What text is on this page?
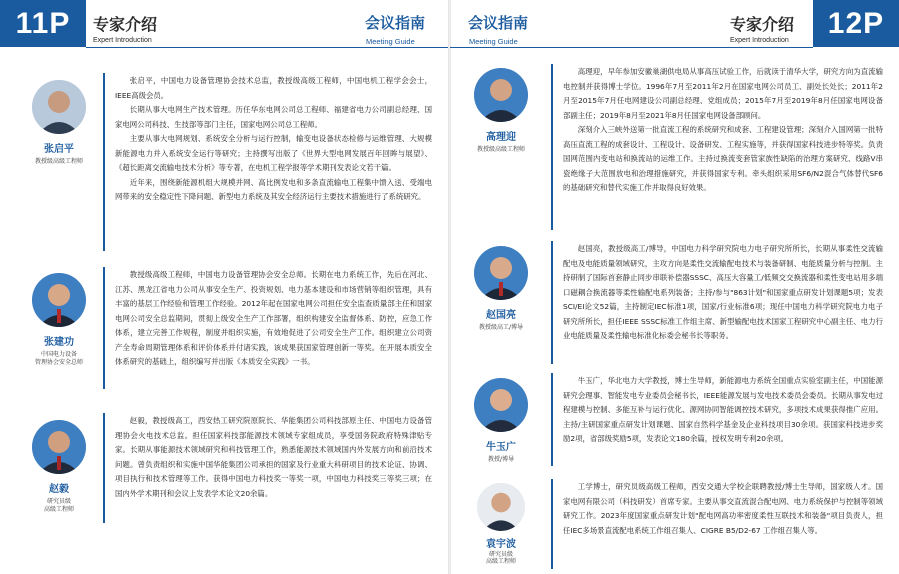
11P	专家介绍
Expert Introduction
会议指南
Meeting Guide
张启平
教授级高级工程师

张启平，中国电力设备管理协会技术总监，教授级高级工程师，中国电机工程学会会士，IEEE高级会员。

长期从事大电网生产技术管理。历任华东电网公司总工程师、福建省电力公司副总经理、国家电网公司科技、生技部等部门主任，国家电网公司总工程师。

主要从事大电网规划、系统安全分析与运行控制，输变电设备状态检修与运维管理、大规模新能源电力并入系统安全运行等研究；主持撰写出版了《世界大型电网发展百年回眸与展望》、《超长距离交流输电技术分析》等专著，在电机工程学报等学术期刊发表论文若干篇。

近年来，围绕新能源机组大规模并网、高比例发电和多条直流输电工程集中馈入送、受端电网带来的安全稳定性下降问题、新型电力系统及其安全经济运行主要技术措施进行了系统研究。

张建功
中国电力设备
管理协会安全总师

教授级高级工程师，中国电力设备管理协会安全总师。长期在电力系统工作，先后在河北、江苏、黑龙江省电力公司从事安全生产、投资规划、电力基本建设和市场营销等组织管理，具有丰富的基层工作经验和管理工作经验。2012年起在国家电网公司担任安全监查质量部主任和国家电网公司安全总监期间，贯彻上级安全生产工作部署，组织构建安全监督体系、防控，应急工作体系，建立完善工作规程，制度并组织实施，有效地促进了公司安全生产工作。组织建立公司资产全寿命周期管理体系和评价体系并付诸实践，该成果获国家管理创新一等奖。在开展本质安全体系研究的基础上，组织编写并出版《本质安全实践》一书。

赵毅
研究员级
高级工程师

赵毅，教授级高工，西安热工研究院原院长、华能集团公司科技部原主任、中国电力设备管理协会火电技术总监。担任国家科技部能源技术领域专家组成员，享受国务院政府特殊津贴专家。长期从事能源技术领域研究和科技管理工作，熟悉能源技术领域国内外发展方向和前沿技术问题。曾负责组织和实施中国华能集团公司承担的国家及行业重大科研项目的技术论证、协调、项目执行和技术管理等工作。获得中国电力科技奖一等奖一项，中国电力科技奖三等奖三项；在国内外学术期刊和会议上发表学术论文20余篇。

会议指南
Meeting Guide
专家介绍
Expert Introduction
12P
高理迎
教授级高级工程师

高理迎，早年参加安徽巢湖供电局从事高压试验工作，后就读于清华大学，研究方向为直流输电控制并获得博士学位。1996年7月至2011年2月在国家电网公司员工、副处长处长；2011年2月至2015年7月任电网建设公司副总经理、党组成员；2015年7月至2019年8月任国家电网设备部副主任；2019年8月至2021年8月任国家电网设备部顾问。

深刻介入三峡外送第一批直流工程的系统研究和成套、工程建设管理；深刻介入国网第一批特高压直流工程的成套设计、工程设计、设备研发、工程实施等，并获得国家科技进步特等奖。负责国网范围内变电站和换流站的运维工作。主持过换流变套管家族性缺陷的治理方案研究、线路V串瓷绝缘子大范围放电和治理措施研究，并获得国家专利。牵头组织采用SF6/N2混合气体替代SF6的基础研究和替代实施工作并取得良好效果。

赵国亮
教授级高工/博导

赵国亮，教授级高工/博导，中国电力科学研究院电力电子研究所所长，长期从事柔性交流输配电及电能质量领域研究，主攻方向是柔性交流输配电技术与装备研制、电能质量分析与控制。主持研制了国际首套静止同步串联补偿器SSSC、高压大容量工/低频交交换流器和柔性变电站用多端口磁耦合换流器等柔性输配电系列装备；主持/参与"863计划"和国家重点研发计划课题5项；发表SCI/EI论文52篇，主持制定IEC标准1项，国家/行业标准6项；现任中国电力科学研究院电力电子研究所所长，担任IEEE SSSC标准工作组主席、新型输配电技术国家工程研究中心副主任、电力行业电能质量及柔性输电标准化标委会秘书长等职务。

牛玉广
教授/博导

牛玉广，华北电力大学教授，博士生导师，新能源电力系统全国重点实验室副主任，中国能源研究会理事、智能发电专业委员会秘书长，IEEE能源发展与发电技术委员会委员。长期从事发电过程建模与控制、多能互补与运行优化、源网协同智能调控技术研究，多项技术成果获得推广应用。主持/主研国家重点研发计划课题、国家自然科学基金及企业科技项目30余项。获国家科技进步奖励2项，省部级奖励5项，发表论文180余篇，授权发明专利20余项。

袁宇波
研究员级
高级工程师

工学博士，研究员级高级工程师，西安交通大学校企联聘教授/博士生导师，国家级人才。国家电网有限公司（科技研发）首席专家。主要从事交直流混合配电网、电力系统保护与控制等领域研究工作。2023年度国家重点研发计划"配电网高功率密度柔性互联技术和装备"项目负责人，担任IEC多场景直流配电系统工作组召集人、CIGRE B5/D2-67 工作组召集人等。
